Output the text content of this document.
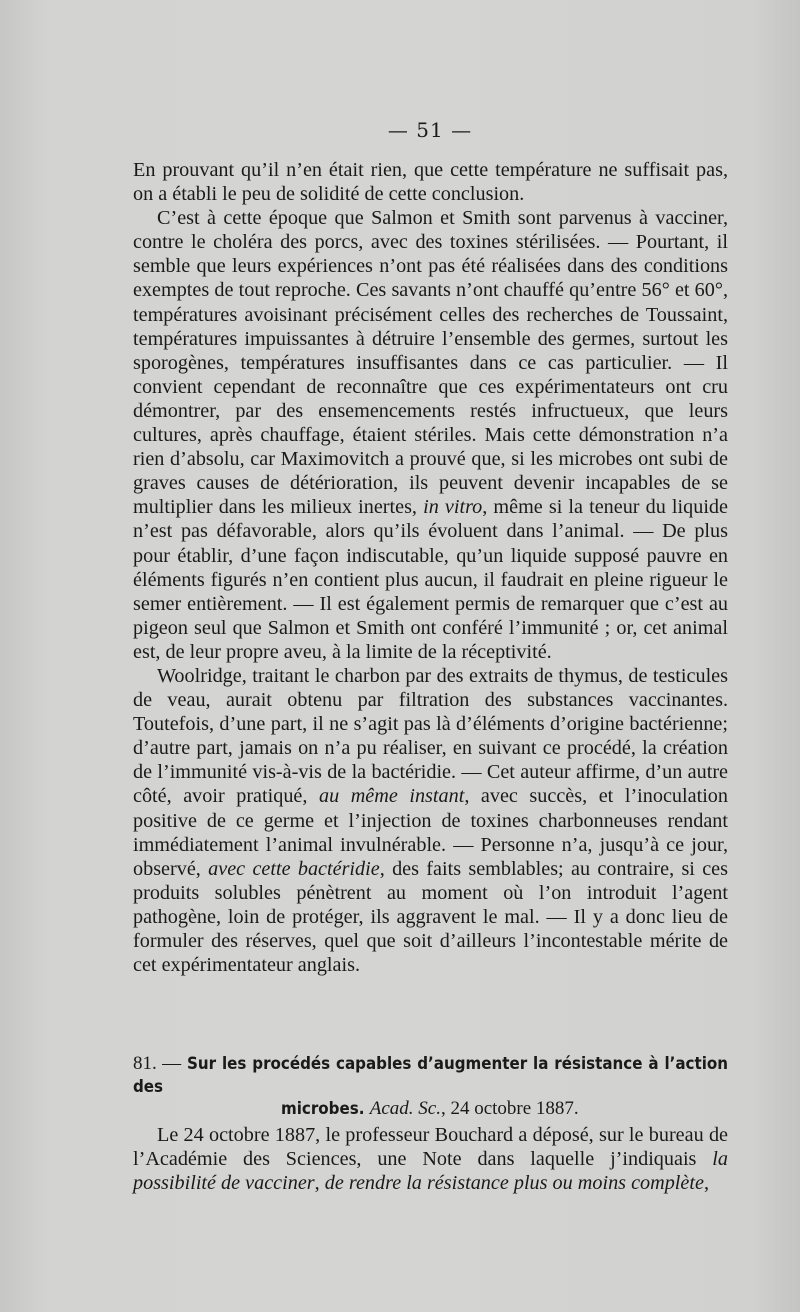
— 51 —

En prouvant qu’il n’en était rien, que cette température ne suffisait pas, on a établi le peu de solidité de cette conclusion.

C’est à cette époque que Salmon et Smith sont parvenus à vacciner, contre le choléra des porcs, avec des toxines stérilisées. — Pourtant, il semble que leurs expériences n’ont pas été réalisées dans des conditions exemptes de tout reproche. Ces savants n’ont chauffé qu’entre 56° et 60°, températures avoisinant précisément celles des recherches de Toussaint, températures impuissantes à détruire l’ensemble des germes, surtout les sporogènes, températures insuffisantes dans ce cas particulier. — Il convient cependant de reconnaître que ces expérimentateurs ont cru démontrer, par des ensemencements restés infructueux, que leurs cultures, après chauffage, étaient stériles. Mais cette démonstration n’a rien d’absolu, car Maximovitch a prouvé que, si les microbes ont subi de graves causes de détérioration, ils peuvent devenir incapables de se multiplier dans les milieux inertes, in vitro, même si la teneur du liquide n’est pas défavorable, alors qu’ils évoluent dans l’animal. — De plus pour établir, d’une façon indiscutable, qu’un liquide supposé pauvre en éléments figurés n’en contient plus aucun, il faudrait en pleine rigueur le semer entièrement. — Il est également permis de remarquer que c’est au pigeon seul que Salmon et Smith ont conféré l’immunité ; or, cet animal est, de leur propre aveu, à la limite de la réceptivité.

Woolridge, traitant le charbon par des extraits de thymus, de testicules de veau, aurait obtenu par filtration des substances vaccinantes. Toutefois, d’une part, il ne s’agit pas là d’éléments d’origine bactérienne; d’autre part, jamais on n’a pu réaliser, en suivant ce procédé, la création de l’immunité vis-à-vis de la bactéridie. — Cet auteur affirme, d’un autre côté, avoir pratiqué, au même instant, avec succès, et l’inoculation positive de ce germe et l’injection de toxines charbonneuses rendant immédiatement l’animal invulnérable. — Personne n’a, jusqu’à ce jour, observé, avec cette bactéridie, des faits semblables; au contraire, si ces produits solubles pénètrent au moment où l’on introduit l’agent pathogène, loin de protéger, ils aggravent le mal. — Il y a donc lieu de formuler des réserves, quel que soit d’ailleurs l’incontestable mérite de cet expérimentateur anglais.

81. — Sur les procédés capables d’augmenter la résistance à l’action des
microbes. Acad. Sc., 24 octobre 1887.

Le 24 octobre 1887, le professeur Bouchard a déposé, sur le bureau de l’Académie des Sciences, une Note dans laquelle j’indiquais la possibilité de vacciner, de rendre la résistance plus ou moins complète,
